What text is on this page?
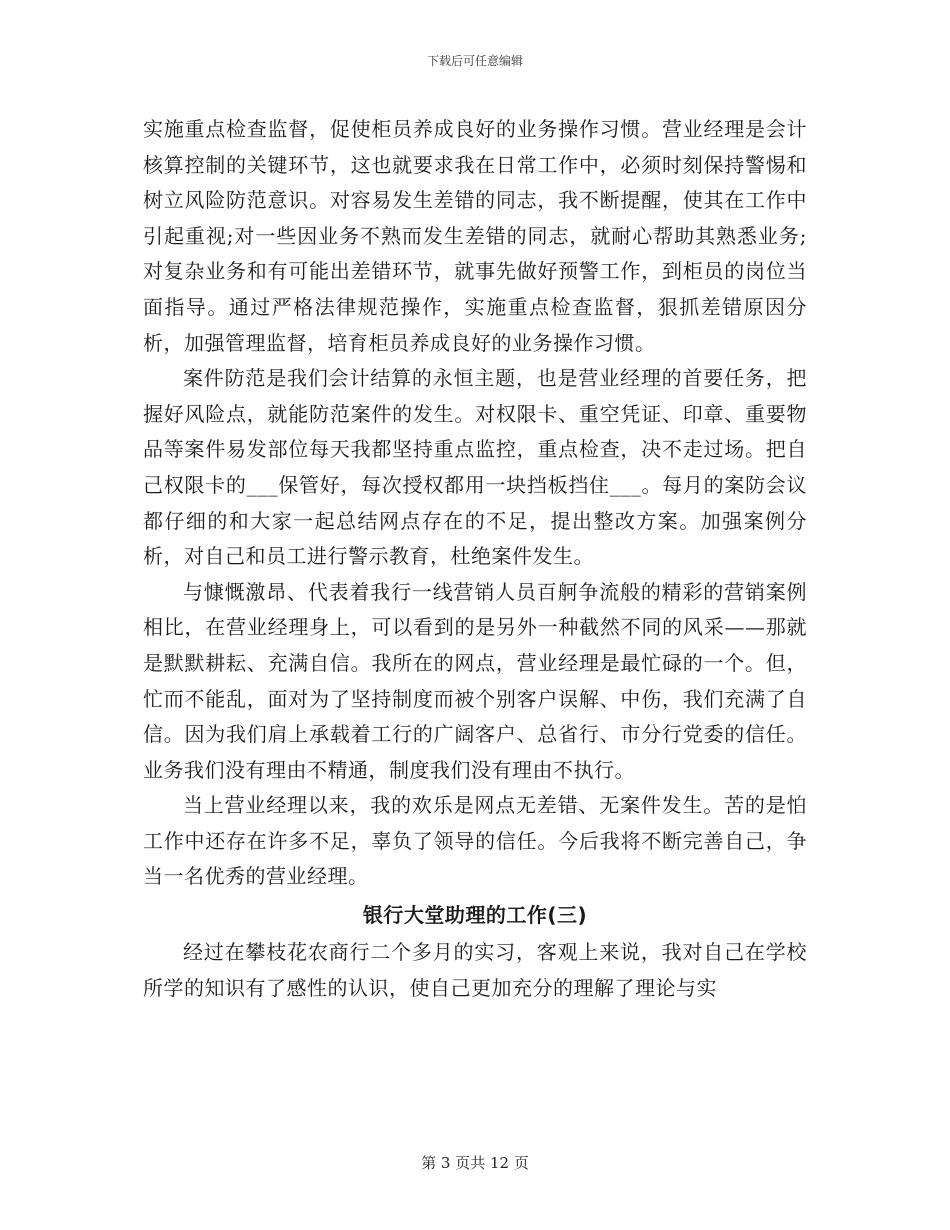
下载后可任意编辑

实施重点检查监督，促使柜员养成良好的业务操作习惯。营业经理是会计核算控制的关键环节，这也就要求我在日常工作中，必须时刻保持警惕和树立风险防范意识。对容易发生差错的同志，我不断提醒，使其在工作中引起重视;对一些因业务不熟而发生差错的同志，就耐心帮助其熟悉业务;对复杂业务和有可能出差错环节，就事先做好预警工作，到柜员的岗位当面指导。通过严格法律规范操作，实施重点检查监督，狠抓差错原因分析，加强管理监督，培育柜员养成良好的业务操作习惯。

案件防范是我们会计结算的永恒主题，也是营业经理的首要任务，把握好风险点，就能防范案件的发生。对权限卡、重空凭证、印章、重要物品等案件易发部位每天我都坚持重点监控，重点检查，决不走过场。把自己权限卡的___保管好，每次授权都用一块挡板挡住___。每月的案防会议都仔细的和大家一起总结网点存在的不足，提出整改方案。加强案例分析，对自己和员工进行警示教育，杜绝案件发生。

与慷慨激昂、代表着我行一线营销人员百舸争流般的精彩的营销案例相比，在营业经理身上，可以看到的是另外一种截然不同的风采——那就是默默耕耘、充满自信。我所在的网点，营业经理是最忙碌的一个。但，忙而不能乱，面对为了坚持制度而被个别客户误解、中伤，我们充满了自信。因为我们肩上承载着工行的广阔客户、总省行、市分行党委的信任。业务我们没有理由不精通，制度我们没有理由不执行。

当上营业经理以来，我的欢乐是网点无差错、无案件发生。苦的是怕工作中还存在许多不足，辜负了领导的信任。今后我将不断完善自己，争当一名优秀的营业经理。

银行大堂助理的工作(三)

经过在攀枝花农商行二个多月的实习，客观上来说，我对自己在学校所学的知识有了感性的认识，使自己更加充分的理解了理论与实

第 3 页共 12 页
